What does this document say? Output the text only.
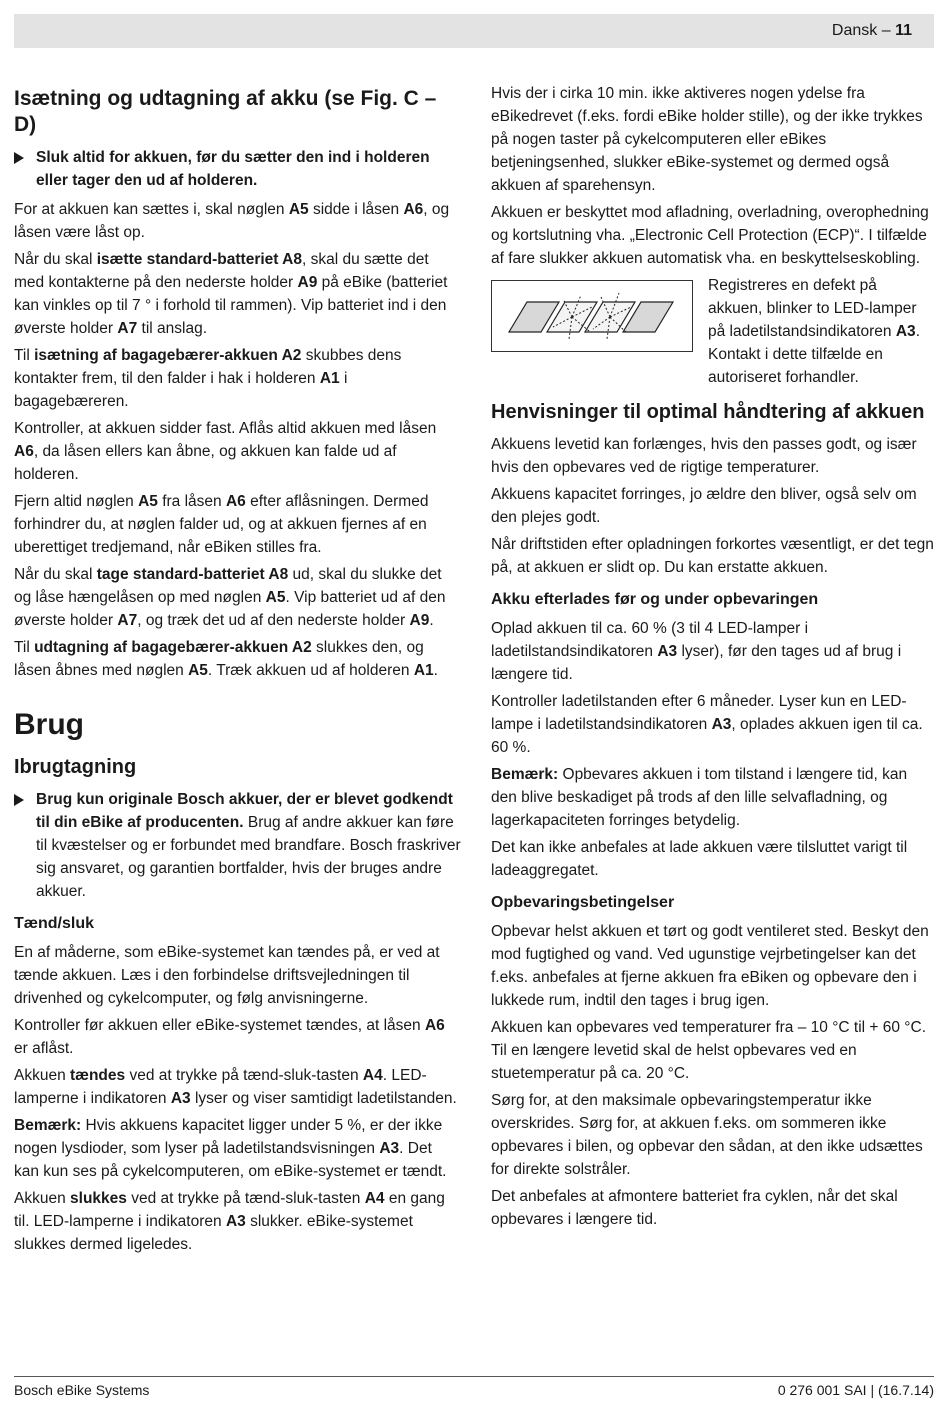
Dansk – 11
Isætning og udtagning af akku (se Fig. C – D)
Sluk altid for akkuen, før du sætter den ind i holderen eller tager den ud af holderen.

For at akkuen kan sættes i, skal nøglen A5 sidde i låsen A6, og låsen være låst op.

Når du skal isætte standard-batteriet A8, skal du sætte det med kontakterne på den nederste holder A9 på eBike (batteriet kan vinkles op til 7 ° i forhold til rammen). Vip batteriet ind i den øverste holder A7 til anslag.

Til isætning af bagagebærer-akkuen A2 skubbes dens kontakter frem, til den falder i hak i holderen A1 i bagagebæreren.

Kontroller, at akkuen sidder fast. Aflås altid akkuen med låsen A6, da låsen ellers kan åbne, og akkuen kan falde ud af holderen.

Fjern altid nøglen A5 fra låsen A6 efter aflåsningen. Dermed forhindrer du, at nøglen falder ud, og at akkuen fjernes af en uberettiget tredjemand, når eBiken stilles fra.

Når du skal tage standard-batteriet A8 ud, skal du slukke det og låse hængelåsen op med nøglen A5. Vip batteriet ud af den øverste holder A7, og træk det ud af den nederste holder A9.

Til udtagning af bagagebærer-akkuen A2 slukkes den, og låsen åbnes med nøglen A5. Træk akkuen ud af holderen A1.

Brug
Ibrugtagning
Brug kun originale Bosch akkuer, der er blevet godkendt til din eBike af producenten. Brug af andre akkuer kan føre til kvæstelser og er forbundet med brandfare. Bosch fraskriver sig ansvaret, og garantien bortfalder, hvis der bruges andre akkuer.
Tænd/sluk

En af måderne, som eBike-systemet kan tændes på, er ved at tænde akkuen. Læs i den forbindelse driftsvejledningen til drivenhed og cykelcomputer, og følg anvisningerne.

Kontroller før akkuen eller eBike-systemet tændes, at låsen A6 er aflåst.

Akkuen tændes ved at trykke på tænd-sluk-tasten A4. LED-lamperne i indikatoren A3 lyser og viser samtidigt ladetilstanden.

Bemærk: Hvis akkuens kapacitet ligger under 5 %, er der ikke nogen lysdioder, som lyser på ladetilstandsvisningen A3. Det kan kun ses på cykelcomputeren, om eBike-systemet er tændt.

Akkuen slukkes ved at trykke på tænd-sluk-tasten A4 en gang til. LED-lamperne i indikatoren A3 slukker. eBike-systemet slukkes dermed ligeledes.

Hvis der i cirka 10 min. ikke aktiveres nogen ydelse fra eBikedrevet (f.eks. fordi eBike holder stille), og der ikke trykkes på nogen taster på cykelcomputeren eller eBikes betjeningsenhed, slukker eBike-systemet og dermed også akkuen af sparehensyn.

Akkuen er beskyttet mod afladning, overladning, overophedning og kortslutning vha. „Electronic Cell Protection (ECP)“. I tilfælde af fare slukker akkuen automatisk vha. en beskyttelseskobling.

Registreres en defekt på akkuen, blinker to LED-lamper på ladetilstandsindikatoren A3. Kontakt i dette tilfælde en autoriseret forhandler.
Henvisninger til optimal håndtering af akkuen

Akkuens levetid kan forlænges, hvis den passes godt, og især hvis den opbevares ved de rigtige temperaturer.

Akkuens kapacitet forringes, jo ældre den bliver, også selv om den plejes godt.

Når driftstiden efter opladningen forkortes væsentligt, er det tegn på, at akkuen er slidt op. Du kan erstatte akkuen.

Akku efterlades før og under opbevaringen

Oplad akkuen til ca. 60 % (3 til 4 LED-lamper i ladetilstandsindikatoren A3 lyser), før den tages ud af brug i længere tid.

Kontroller ladetilstanden efter 6 måneder. Lyser kun en LED-lampe i ladetilstandsindikatoren A3, oplades akkuen igen til ca. 60 %.

Bemærk: Opbevares akkuen i tom tilstand i længere tid, kan den blive beskadiget på trods af den lille selvafladning, og lagerkapaciteten forringes betydelig.

Det kan ikke anbefales at lade akkuen være tilsluttet varigt til ladeaggregatet.

Opbevaringsbetingelser

Opbevar helst akkuen et tørt og godt ventileret sted. Beskyt den mod fugtighed og vand. Ved ugunstige vejrbetingelser kan det f.eks. anbefales at fjerne akkuen fra eBiken og opbevare den i lukkede rum, indtil den tages i brug igen.

Akkuen kan opbevares ved temperaturer fra – 10 °C til + 60 °C. Til en længere levetid skal de helst opbevares ved en stuetemperatur på ca. 20 °C.

Sørg for, at den maksimale opbevaringstemperatur ikke overskrides. Sørg for, at akkuen f.eks. om sommeren ikke opbevares i bilen, og opbevar den sådan, at den ikke udsættes for direkte solstråler.

Det anbefales at afmontere batteriet fra cyklen, når det skal opbevares i længere tid.

Bosch eBike Systems	0 276 001 SAI | (16.7.14)
